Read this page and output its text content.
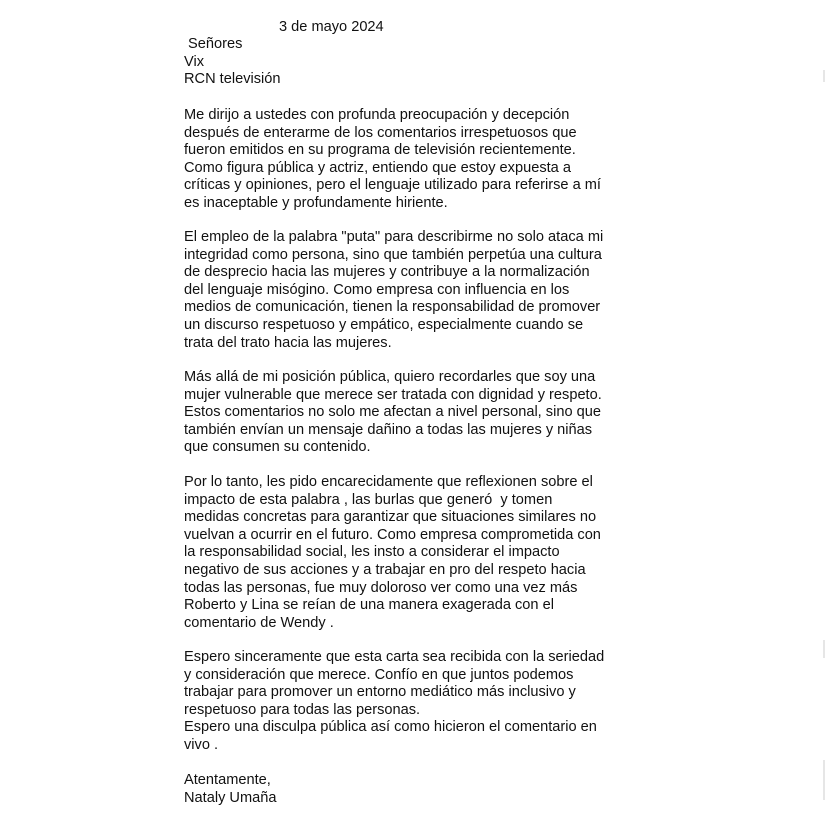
3 de mayo 2024
Señores
Vix
RCN televisión
Me dirijo a ustedes con profunda preocupación y decepción
después de enterarme de los comentarios irrespetuosos que
fueron emitidos en su programa de televisión recientemente.
Como figura pública y actriz, entiendo que estoy expuesta a
críticas y opiniones, pero el lenguaje utilizado para referirse a mí
es inaceptable y profundamente hiriente.
El empleo de la palabra "puta" para describirme no solo ataca mi
integridad como persona, sino que también perpetúa una cultura
de desprecio hacia las mujeres y contribuye a la normalización
del lenguaje misógino. Como empresa con influencia en los
medios de comunicación, tienen la responsabilidad de promover
un discurso respetuoso y empático, especialmente cuando se
trata del trato hacia las mujeres.
Más allá de mi posición pública, quiero recordarles que soy una
mujer vulnerable que merece ser tratada con dignidad y respeto.
Estos comentarios no solo me afectan a nivel personal, sino que
también envían un mensaje dañino a todas las mujeres y niñas
que consumen su contenido.
Por lo tanto, les pido encarecidamente que reflexionen sobre el
impacto de esta palabra , las burlas que generó  y tomen
medidas concretas para garantizar que situaciones similares no
vuelvan a ocurrir en el futuro. Como empresa comprometida con
la responsabilidad social, les insto a considerar el impacto
negativo de sus acciones y a trabajar en pro del respeto hacia
todas las personas, fue muy doloroso ver como una vez más
Roberto y Lina se reían de una manera exagerada con el
comentario de Wendy .
Espero sinceramente que esta carta sea recibida con la seriedad
y consideración que merece. Confío en que juntos podemos
trabajar para promover un entorno mediático más inclusivo y
respetuoso para todas las personas.
Espero una disculpa pública así como hicieron el comentario en
vivo .
Atentamente,
Nataly Umaña
